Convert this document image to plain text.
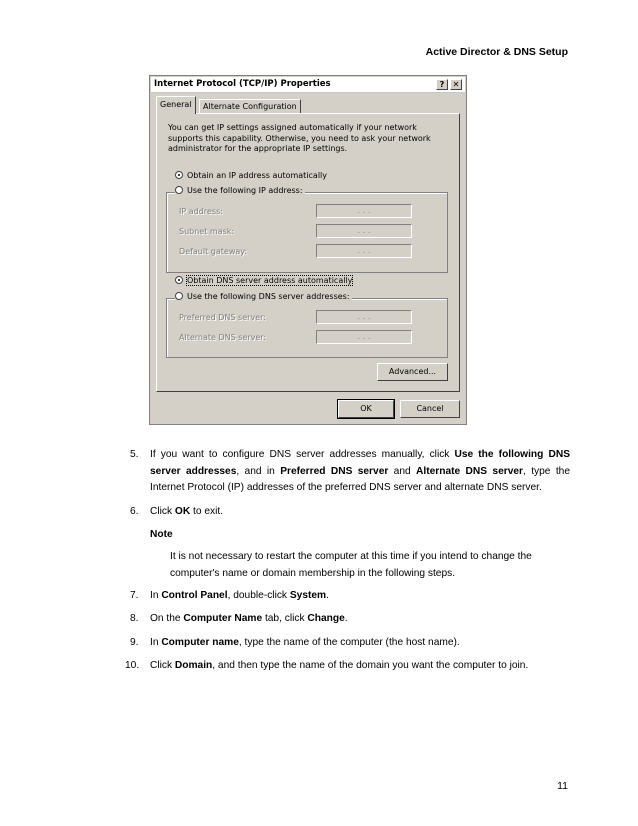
Active Director & DNS Setup
Internet Protocol (TCP/IP) Properties	?	✕
General	Alternate Configuration
You can get IP settings assigned automatically if your network supports this capability. Otherwise, you need to ask your network administrator for the appropriate IP settings.
Obtain an IP address automatically
Use the following IP address:
IP address:	. . .
Subnet mask:	. . .
Default gateway:	. . .
Obtain DNS server address automatically
Use the following DNS server addresses:
Preferred DNS server:	. . .
Alternate DNS server:	. . .
Advanced...
OK	Cancel
5. If you want to configure DNS server addresses manually, click Use the following DNS server addresses, and in Preferred DNS server and Alternate DNS server, type the Internet Protocol (IP) addresses of the preferred DNS server and alternate DNS server.
6. Click OK to exit.
Note
It is not necessary to restart the computer at this time if you intend to change the computer's name or domain membership in the following steps.
7. In Control Panel, double-click System.
8. On the Computer Name tab, click Change.
9. In Computer name, type the name of the computer (the host name).
10. Click Domain, and then type the name of the domain you want the computer to join.
11
